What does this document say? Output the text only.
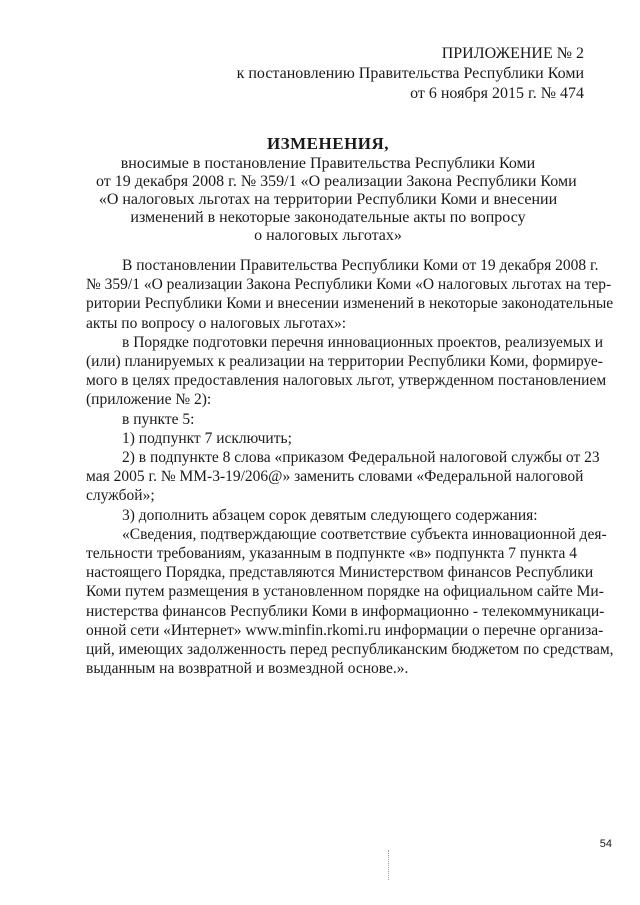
ПРИЛОЖЕНИЕ № 2
к постановлению Правительства Республики Коми
от 6 ноября 2015 г. № 474
ИЗМЕНЕНИЯ,
вносимые в постановление Правительства Республики Коми
от 19 декабря 2008 г. № 359/1 «О реализации Закона Республики Коми
«О налоговых льготах на территории Республики Коми и внесении
изменений в некоторые законодательные акты по вопросу
о налоговых льготах»
В постановлении Правительства Республики Коми от 19 декабря 2008 г.
№ 359/1 «О реализации Закона Республики Коми «О налоговых льготах на тер-
ритории Республики Коми и внесении изменений в некоторые законодательные
акты по вопросу о налоговых льготах»:
в Порядке подготовки перечня инновационных проектов, реализуемых и
(или) планируемых к реализации на территории Республики Коми, формируе-
мого в целях предоставления налоговых льгот, утвержденном постановлением
(приложение № 2):
в пункте 5:
1) подпункт 7 исключить;
2) в подпункте 8 слова «приказом Федеральной налоговой службы от 23
мая 2005 г. № ММ-3-19/206@» заменить словами «Федеральной налоговой
службой»;
3) дополнить абзацем сорок девятым следующего содержания:
«Сведения, подтверждающие соответствие субъекта инновационной дея-
тельности требованиям, указанным в подпункте «в» подпункта 7 пункта 4
настоящего Порядка, представляются Министерством финансов Республики
Коми путем размещения в установленном порядке на официальном сайте Ми-
нистерства финансов Республики Коми в информационно - телекоммуникаци-
онной сети «Интернет» www.minfin.rkomi.ru информации о перечне организа-
ций, имеющих задолженность перед республиканским бюджетом по средствам,
выданным на возвратной и возмездной основе.».
54
